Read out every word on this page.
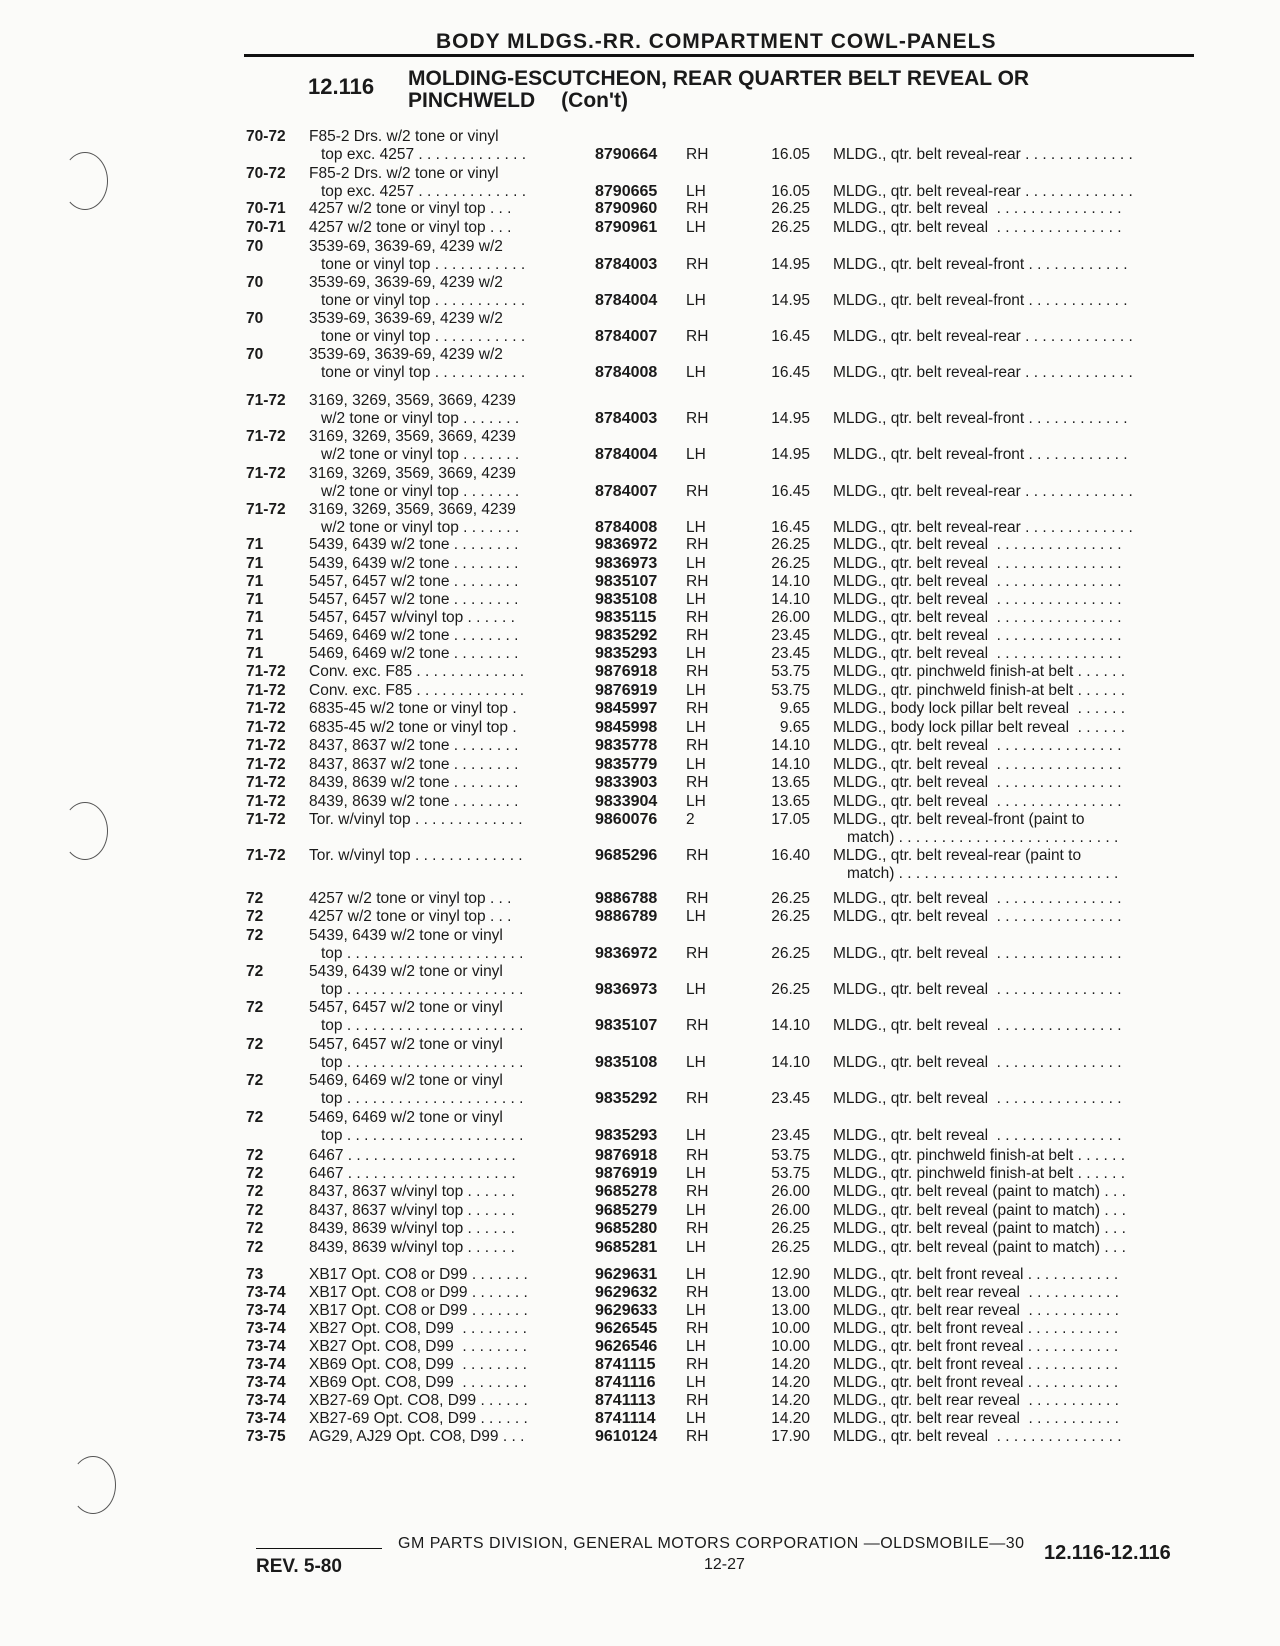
BODY MLDGS.-RR. COMPARTMENT COWL-PANELS
12.116 MOLDING-ESCUTCHEON, REAR QUARTER BELT REVEAL OR
PINCHWELD (Con't)
70-72	F85-2 Drs. w/2 tone or vinyl
top exc. 4257 . . . . . . . . . . . . .	8790664	RH	16.05 MLDG., qtr. belt reveal-rear . . . . . . . . . . . . .
70-72	F85-2 Drs. w/2 tone or vinyl
top exc. 4257 . . . . . . . . . . . . .	8790665	LH	16.05 MLDG., qtr. belt reveal-rear . . . . . . . . . . . . .
70-71	4257 w/2 tone or vinyl top . . .	8790960	RH	26.25 MLDG., qtr. belt reveal  . . . . . . . . . . . . . . .
70-71	4257 w/2 tone or vinyl top . . .	8790961	LH	26.25 MLDG., qtr. belt reveal  . . . . . . . . . . . . . . .
70	3539-69, 3639-69, 4239 w/2
tone or vinyl top . . . . . . . . . . .	8784003	RH	14.95 MLDG., qtr. belt reveal-front . . . . . . . . . . . .
70	3539-69, 3639-69, 4239 w/2
tone or vinyl top . . . . . . . . . . .	8784004	LH	14.95 MLDG., qtr. belt reveal-front . . . . . . . . . . . .
70	3539-69, 3639-69, 4239 w/2
tone or vinyl top . . . . . . . . . . .	8784007	RH	16.45 MLDG., qtr. belt reveal-rear . . . . . . . . . . . . .
70	3539-69, 3639-69, 4239 w/2
tone or vinyl top . . . . . . . . . . .	8784008	LH	16.45 MLDG., qtr. belt reveal-rear . . . . . . . . . . . . .
71-72	3169, 3269, 3569, 3669, 4239
w/2 tone or vinyl top . . . . . . .	8784003	RH	14.95 MLDG., qtr. belt reveal-front . . . . . . . . . . . .
71-72	3169, 3269, 3569, 3669, 4239
w/2 tone or vinyl top . . . . . . .	8784004	LH	14.95 MLDG., qtr. belt reveal-front . . . . . . . . . . . .
71-72	3169, 3269, 3569, 3669, 4239
w/2 tone or vinyl top . . . . . . .	8784007	RH	16.45 MLDG., qtr. belt reveal-rear . . . . . . . . . . . . .
71-72	3169, 3269, 3569, 3669, 4239
w/2 tone or vinyl top . . . . . . .	8784008	LH	16.45 MLDG., qtr. belt reveal-rear . . . . . . . . . . . . .
71	5439, 6439 w/2 tone . . . . . . . .	9836972	RH	26.25 MLDG., qtr. belt reveal  . . . . . . . . . . . . . . .
71	5439, 6439 w/2 tone . . . . . . . .	9836973	LH	26.25 MLDG., qtr. belt reveal  . . . . . . . . . . . . . . .
71	5457, 6457 w/2 tone . . . . . . . .	9835107	RH	14.10 MLDG., qtr. belt reveal  . . . . . . . . . . . . . . .
71	5457, 6457 w/2 tone . . . . . . . .	9835108	LH	14.10 MLDG., qtr. belt reveal  . . . . . . . . . . . . . . .
71	5457, 6457 w/vinyl top . . . . . .	9835115	RH	26.00 MLDG., qtr. belt reveal  . . . . . . . . . . . . . . .
71	5469, 6469 w/2 tone . . . . . . . .	9835292	RH	23.45 MLDG., qtr. belt reveal  . . . . . . . . . . . . . . .
71	5469, 6469 w/2 tone . . . . . . . .	9835293	LH	23.45 MLDG., qtr. belt reveal  . . . . . . . . . . . . . . .
71-72	Conv. exc. F85 . . . . . . . . . . . . .	9876918	RH	53.75 MLDG., qtr. pinchweld finish-at belt . . . . . .
71-72	Conv. exc. F85 . . . . . . . . . . . . .	9876919	LH	53.75 MLDG., qtr. pinchweld finish-at belt . . . . . .
71-72	6835-45 w/2 tone or vinyl top .	9845997	RH	9.65 MLDG., body lock pillar belt reveal  . . . . . .
71-72	6835-45 w/2 tone or vinyl top .	9845998	LH	9.65 MLDG., body lock pillar belt reveal  . . . . . .
71-72	8437, 8637 w/2 tone . . . . . . . .	9835778	RH	14.10 MLDG., qtr. belt reveal  . . . . . . . . . . . . . . .
71-72	8437, 8637 w/2 tone . . . . . . . .	9835779	LH	14.10 MLDG., qtr. belt reveal  . . . . . . . . . . . . . . .
71-72	8439, 8639 w/2 tone . . . . . . . .	9833903	RH	13.65 MLDG., qtr. belt reveal  . . . . . . . . . . . . . . .
71-72	8439, 8639 w/2 tone . . . . . . . .	9833904	LH	13.65 MLDG., qtr. belt reveal  . . . . . . . . . . . . . . .
71-72	Tor. w/vinyl top . . . . . . . . . . . . .	9860076	2	17.05 MLDG., qtr. belt reveal-front (paint to
match) . . . . . . . . . . . . . . . . . . . . . . . . . .
71-72	Tor. w/vinyl top . . . . . . . . . . . . .	9685296	RH	16.40 MLDG., qtr. belt reveal-rear (paint to
match) . . . . . . . . . . . . . . . . . . . . . . . . . .
72	4257 w/2 tone or vinyl top . . .	9886788	RH	26.25 MLDG., qtr. belt reveal  . . . . . . . . . . . . . . .
72	4257 w/2 tone or vinyl top . . .	9886789	LH	26.25 MLDG., qtr. belt reveal  . . . . . . . . . . . . . . .
72	5439, 6439 w/2 tone or vinyl
top . . . . . . . . . . . . . . . . . . . . .	9836972	RH	26.25 MLDG., qtr. belt reveal  . . . . . . . . . . . . . . .
72	5439, 6439 w/2 tone or vinyl
top . . . . . . . . . . . . . . . . . . . . .	9836973	LH	26.25 MLDG., qtr. belt reveal  . . . . . . . . . . . . . . .
72	5457, 6457 w/2 tone or vinyl
top . . . . . . . . . . . . . . . . . . . . .	9835107	RH	14.10 MLDG., qtr. belt reveal  . . . . . . . . . . . . . . .
72	5457, 6457 w/2 tone or vinyl
top . . . . . . . . . . . . . . . . . . . . .	9835108	LH	14.10 MLDG., qtr. belt reveal  . . . . . . . . . . . . . . .
72	5469, 6469 w/2 tone or vinyl
top . . . . . . . . . . . . . . . . . . . . .	9835292	RH	23.45 MLDG., qtr. belt reveal  . . . . . . . . . . . . . . .
72	5469, 6469 w/2 tone or vinyl
top . . . . . . . . . . . . . . . . . . . . .	9835293	LH	23.45 MLDG., qtr. belt reveal  . . . . . . . . . . . . . . .
72	6467 . . . . . . . . . . . . . . . . . . . .	9876918	RH	53.75 MLDG., qtr. pinchweld finish-at belt . . . . . .
72	6467 . . . . . . . . . . . . . . . . . . . .	9876919	LH	53.75 MLDG., qtr. pinchweld finish-at belt . . . . . .
72	8437, 8637 w/vinyl top . . . . . .	9685278	RH	26.00 MLDG., qtr. belt reveal (paint to match) . . .
72	8437, 8637 w/vinyl top . . . . . .	9685279	LH	26.00 MLDG., qtr. belt reveal (paint to match) . . .
72	8439, 8639 w/vinyl top . . . . . .	9685280	RH	26.25 MLDG., qtr. belt reveal (paint to match) . . .
72	8439, 8639 w/vinyl top . . . . . .	9685281	LH	26.25 MLDG., qtr. belt reveal (paint to match) . . .
73	XB17 Opt. CO8 or D99 . . . . . . .	9629631	LH	12.90 MLDG., qtr. belt front reveal . . . . . . . . . . .
73-74	XB17 Opt. CO8 or D99 . . . . . . .	9629632	RH	13.00 MLDG., qtr. belt rear reveal  . . . . . . . . . . .
73-74	XB17 Opt. CO8 or D99 . . . . . . .	9629633	LH	13.00 MLDG., qtr. belt rear reveal  . . . . . . . . . . .
73-74	XB27 Opt. CO8, D99  . . . . . . . .	9626545	RH	10.00 MLDG., qtr. belt front reveal . . . . . . . . . . .
73-74	XB27 Opt. CO8, D99  . . . . . . . .	9626546	LH	10.00 MLDG., qtr. belt front reveal . . . . . . . . . . .
73-74	XB69 Opt. CO8, D99  . . . . . . . .	8741115	RH	14.20 MLDG., qtr. belt front reveal . . . . . . . . . . .
73-74	XB69 Opt. CO8, D99  . . . . . . . .	8741116	LH	14.20 MLDG., qtr. belt front reveal . . . . . . . . . . .
73-74	XB27-69 Opt. CO8, D99 . . . . . .	8741113	RH	14.20 MLDG., qtr. belt rear reveal  . . . . . . . . . . .
73-74	XB27-69 Opt. CO8, D99 . . . . . .	8741114	LH	14.20 MLDG., qtr. belt rear reveal  . . . . . . . . . . .
73-75	AG29, AJ29 Opt. CO8, D99 . . .	9610124	RH	17.90 MLDG., qtr. belt reveal  . . . . . . . . . . . . . . .
GM PARTS DIVISION, GENERAL MOTORS CORPORATION —OLDSMOBILE—30
REV. 5-80	12-27
12.116-12.116
